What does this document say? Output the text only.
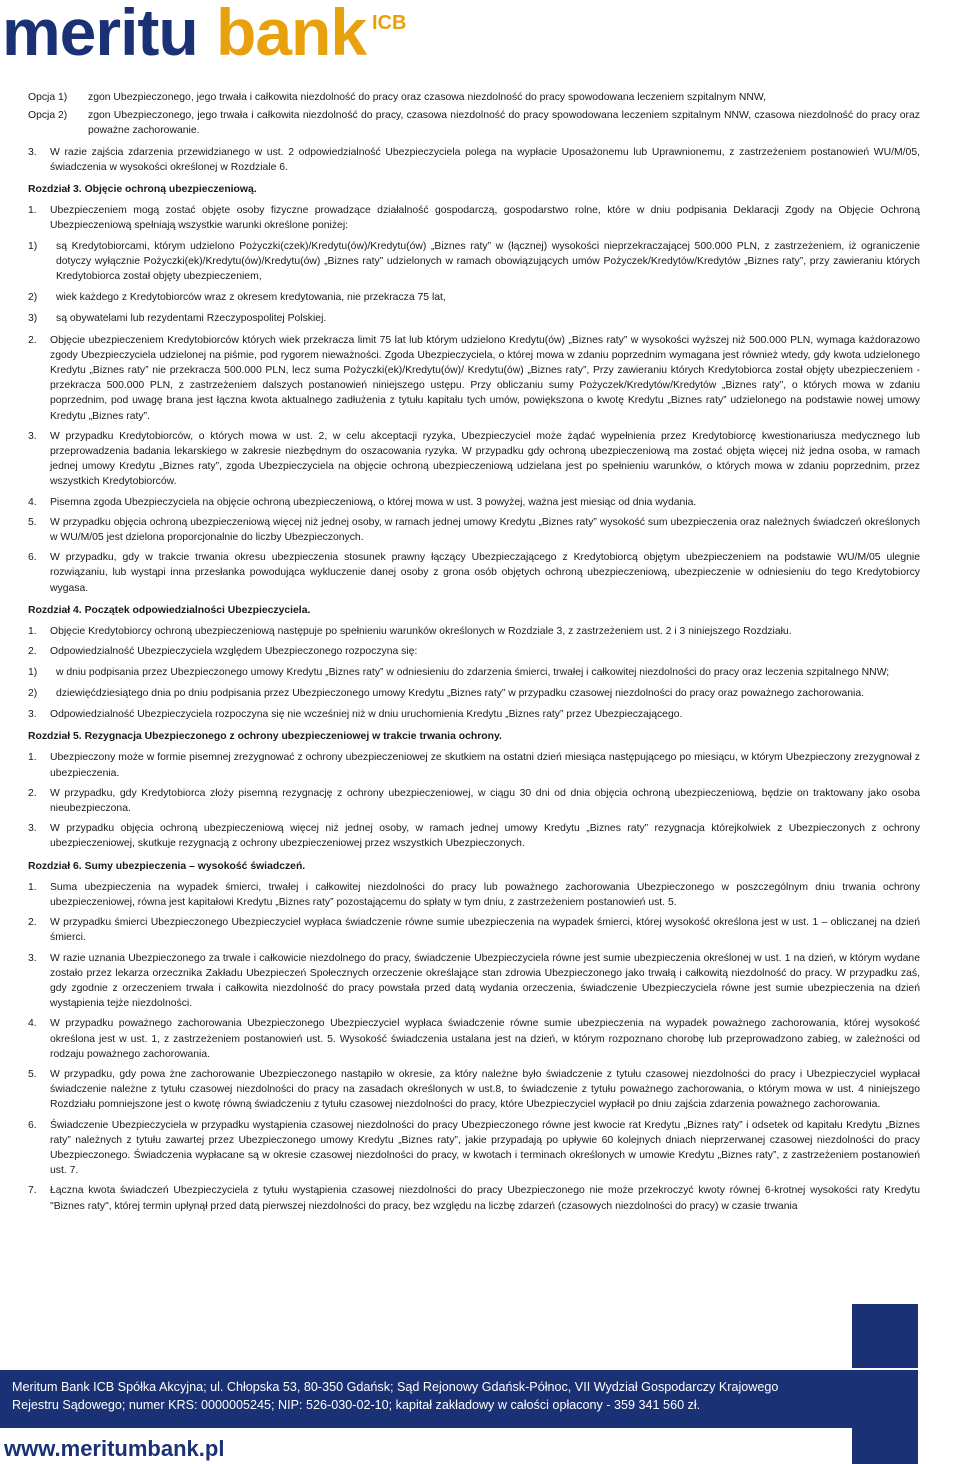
meritu bank ICB
Opcja 1)	zgon Ubezpieczonego, jego trwała i całkowita niezdolność do pracy oraz czasowa niezdolność do pracy spowodowana leczeniem szpitalnym NNW,
Opcja 2)	zgon Ubezpieczonego, jego trwała i całkowita niezdolność do pracy, czasowa niezdolność do pracy spowodowana leczeniem szpitalnym NNW, czasowa niezdolność do pracy oraz poważne zachorowanie.
3.	W razie zajścia zdarzenia przewidzianego w ust. 2 odpowiedzialność Ubezpieczyciela polega na wypłacie Uposażonemu lub Uprawnionemu, z zastrzeżeniem postanowień WU/M/05, świadczenia w wysokości określonej w Rozdziale 6.
Rozdział 3. Objęcie ochroną ubezpieczeniową.
1.	Ubezpieczeniem mogą zostać objęte osoby fizyczne prowadzące działalność gospodarczą, gospodarstwo rolne, które w dniu podpisania Deklaracji Zgody na Objęcie Ochroną Ubezpieczeniową spełniają wszystkie warunki określone poniżej:
1)	są Kredytobiorcami, którym udzielono Pożyczki(czek)/Kredytu(ów)/Kredytu(ów) „Biznes raty” w (łącznej) wysokości nieprzekraczającej 500.000 PLN, z zastrzeżeniem, iż ograniczenie dotyczy wyłącznie Pożyczki(ek)/Kredytu(ów)/Kredytu(ów) „Biznes raty” udzielonych w ramach obowiązujących umów Pożyczek/Kredytów/Kredytów „Biznes raty”, przy zawieraniu których Kredytobiorca został objęty ubezpieczeniem,
2)	wiek każdego z Kredytobiorców wraz z okresem kredytowania, nie przekracza 75 lat,
3)	są obywatelami lub rezydentami Rzeczypospolitej Polskiej.
2.	Objęcie ubezpieczeniem Kredytobiorców których wiek przekracza limit 75 lat lub którym udzielono Kredytu(ów) „Biznes raty” w wysokości wyższej niż 500.000 PLN, wymaga każdorazowo zgody Ubezpieczyciela udzielonej na piśmie, pod rygorem nieważności. Zgoda Ubezpieczyciela, o której mowa w zdaniu poprzednim wymagana jest również wtedy, gdy kwota udzielonego Kredytu „Biznes raty” nie przekracza 500.000 PLN, lecz suma Pożyczki(ek)/Kredytu(ów)/ Kredytu(ów) „Biznes raty”, Przy zawieraniu których Kredytobiorca został objęty ubezpieczeniem - przekracza 500.000 PLN, z zastrzeżeniem dalszych postanowień niniejszego ustępu. Przy obliczaniu sumy Pożyczek/Kredytów/Kredytów „Biznes raty”, o których mowa w zdaniu poprzednim, pod uwagę brana jest łączna kwota aktualnego zadłużenia z tytułu kapitału tych umów, powiększona o kwotę Kredytu „Biznes raty” udzielonego na podstawie nowej umowy Kredytu „Biznes raty”.
3.	W przypadku Kredytobiorców, o których mowa w ust. 2, w celu akceptacji ryzyka, Ubezpieczyciel może żądać wypełnienia przez Kredytobiorcę kwestionariusza medycznego lub przeprowadzenia badania lekarskiego w zakresie niezbędnym do oszacowania ryzyka. W przypadku gdy ochroną ubezpieczeniową ma zostać objęta więcej niż jedna osoba, w ramach jednej umowy Kredytu „Biznes raty”, zgoda Ubezpieczyciela na objęcie ochroną ubezpieczeniową udzielana jest po spełnieniu warunków, o których mowa w zdaniu poprzednim, przez wszystkich Kredytobiorców.
4.	Pisemna zgoda Ubezpieczyciela na objęcie ochroną ubezpieczeniową, o której mowa w ust. 3 powyżej, ważna jest miesiąc od dnia wydania.
5.	W przypadku objęcia ochroną ubezpieczeniową więcej niż jednej osoby, w ramach jednej umowy Kredytu „Biznes raty” wysokość sum ubezpieczenia oraz należnych świadczeń określonych w WU/M/05 jest dzielona proporcjonalnie do liczby Ubezpieczonych.
6.	W przypadku, gdy w trakcie trwania okresu ubezpieczenia stosunek prawny łączący Ubezpieczającego z Kredytobiorcą objętym ubezpieczeniem na podstawie WU/M/05 ulegnie rozwiązaniu, lub wystąpi inna przesłanka powodująca wykluczenie danej osoby z grona osób objętych ochroną ubezpieczeniową, ubezpieczenie w odniesieniu do tego Kredytobiorcy wygasa.
Rozdział 4. Początek odpowiedzialności Ubezpieczyciela.
1.	Objęcie Kredytobiorcy ochroną ubezpieczeniową następuje po spełnieniu warunków określonych w Rozdziale 3, z zastrzeżeniem ust. 2 i 3 niniejszego Rozdziału.
2.	Odpowiedzialność Ubezpieczyciela względem Ubezpieczonego rozpoczyna się:
1)	w dniu podpisania przez Ubezpieczonego umowy Kredytu „Biznes raty” w odniesieniu do zdarzenia śmierci, trwałej i całkowitej niezdolności do pracy oraz leczenia szpitalnego NNW;
2)	dziewięćdziesiątego dnia po dniu podpisania przez Ubezpieczonego umowy Kredytu „Biznes raty” w przypadku czasowej niezdolności do pracy oraz poważnego zachorowania.
3.	Odpowiedzialność Ubezpieczyciela rozpoczyna się nie wcześniej niż w dniu uruchomienia Kredytu „Biznes raty” przez Ubezpieczającego.
Rozdział 5. Rezygnacja Ubezpieczonego z ochrony ubezpieczeniowej w trakcie trwania ochrony.
1.	Ubezpieczony może w formie pisemnej zrezygnować z ochrony ubezpieczeniowej ze skutkiem na ostatni dzień miesiąca następującego po miesiącu, w którym Ubezpieczony zrezygnował z ubezpieczenia.
2.	W przypadku, gdy Kredytobiorca złoży pisemną rezygnację z ochrony ubezpieczeniowej, w ciągu 30 dni od dnia objęcia ochroną ubezpieczeniową, będzie on traktowany jako osoba nieubezpieczona.
3.	W przypadku objęcia ochroną ubezpieczeniową więcej niż jednej osoby, w ramach jednej umowy Kredytu „Biznes raty” rezygnacja którejkolwiek z Ubezpieczonych z ochrony ubezpieczeniowej, skutkuje rezygnacją z ochrony ubezpieczeniowej przez wszystkich Ubezpieczonych.
Rozdział 6. Sumy ubezpieczenia – wysokość świadczeń.
1.	Suma ubezpieczenia na wypadek śmierci, trwałej i całkowitej niezdolności do pracy lub poważnego zachorowania Ubezpieczonego w poszczególnym dniu trwania ochrony ubezpieczeniowej, równa jest kapitałowi Kredytu „Biznes raty” pozostającemu do spłaty w tym dniu, z zastrzeżeniem postanowień ust. 5.
2.	W przypadku śmierci Ubezpieczonego Ubezpieczyciel wypłaca świadczenie równe sumie ubezpieczenia na wypadek śmierci, której wysokość określona jest w ust. 1 – obliczanej na dzień śmierci.
3.	W razie uznania Ubezpieczonego za trwale i całkowicie niezdolnego do pracy, świadczenie Ubezpieczyciela równe jest sumie ubezpieczenia określonej w ust. 1 na dzień, w którym wydane zostało przez lekarza orzecznika Zakładu Ubezpieczeń Społecznych orzeczenie określające stan zdrowia Ubezpieczonego jako trwałą i całkowitą niezdolność do pracy. W przypadku zaś, gdy zgodnie z orzeczeniem trwała i całkowita niezdolność do pracy powstała przed datą wydania orzeczenia, świadczenie Ubezpieczyciela równe jest sumie ubezpieczenia na dzień wystąpienia tejże niezdolności.
4.	W przypadku poważnego zachorowania Ubezpieczonego Ubezpieczyciel wypłaca świadczenie równe sumie ubezpieczenia na wypadek poważnego zachorowania, której wysokość określona jest w ust. 1, z zastrzeżeniem postanowień ust. 5. Wysokość świadczenia ustalana jest na dzień, w którym rozpoznano chorobę lub przeprowadzono zabieg, w zależności od rodzaju poważnego zachorowania.
5.	W przypadku, gdy powa żne zachorowanie Ubezpieczonego nastąpiło w okresie, za który należne było świadczenie z tytułu czasowej niezdolności do pracy i Ubezpieczyciel wypłacał świadczenie należne z tytułu czasowej niezdolności do pracy na zasadach określonych w ust.8, to świadczenie z tytułu poważnego zachorowania, o którym mowa w ust. 4 niniejszego Rozdziału pomniejszone jest o kwotę równą świadczeniu z tytułu czasowej niezdolności do pracy, które Ubezpieczyciel wypłacił po dniu zajścia zdarzenia poważnego zachorowania.
6.	Świadczenie Ubezpieczyciela w przypadku wystąpienia czasowej niezdolności do pracy Ubezpieczonego równe jest kwocie rat Kredytu „Biznes raty” i odsetek od kapitału Kredytu „Biznes raty” należnych z tytułu zawartej przez Ubezpieczonego umowy Kredytu „Biznes raty”, jakie przypadają po upływie 60 kolejnych dniach nieprzerwanej czasowej niezdolności do pracy Ubezpieczonego. Świadczenia wypłacane są w okresie czasowej niezdolności do pracy, w kwotach i terminach określonych w umowie Kredytu „Biznes raty”, z zastrzeżeniem postanowień ust. 7.
7.	Łączna kwota świadczeń Ubezpieczyciela z tytułu wystąpienia czasowej niezdolności do pracy Ubezpieczonego nie może przekroczyć kwoty równej 6-krotnej wysokości raty Kredytu "Biznes raty", której termin upłynął przed datą pierwszej niezdolności do pracy, bez względu na liczbę zdarzeń (czasowych niezdolności do pracy) w czasie trwania
Meritum Bank ICB Spółka Akcyjna; ul. Chłopska 53, 80-350 Gdańsk; Sąd Rejonowy Gdańsk-Północ, VII Wydział Gospodarczy Krajowego
Rejestru Sądowego; numer KRS: 0000005245; NIP: 526-030-02-10; kapitał zakładowy w całości opłacony - 359 341 560 zł.
www.meritumbank.pl
